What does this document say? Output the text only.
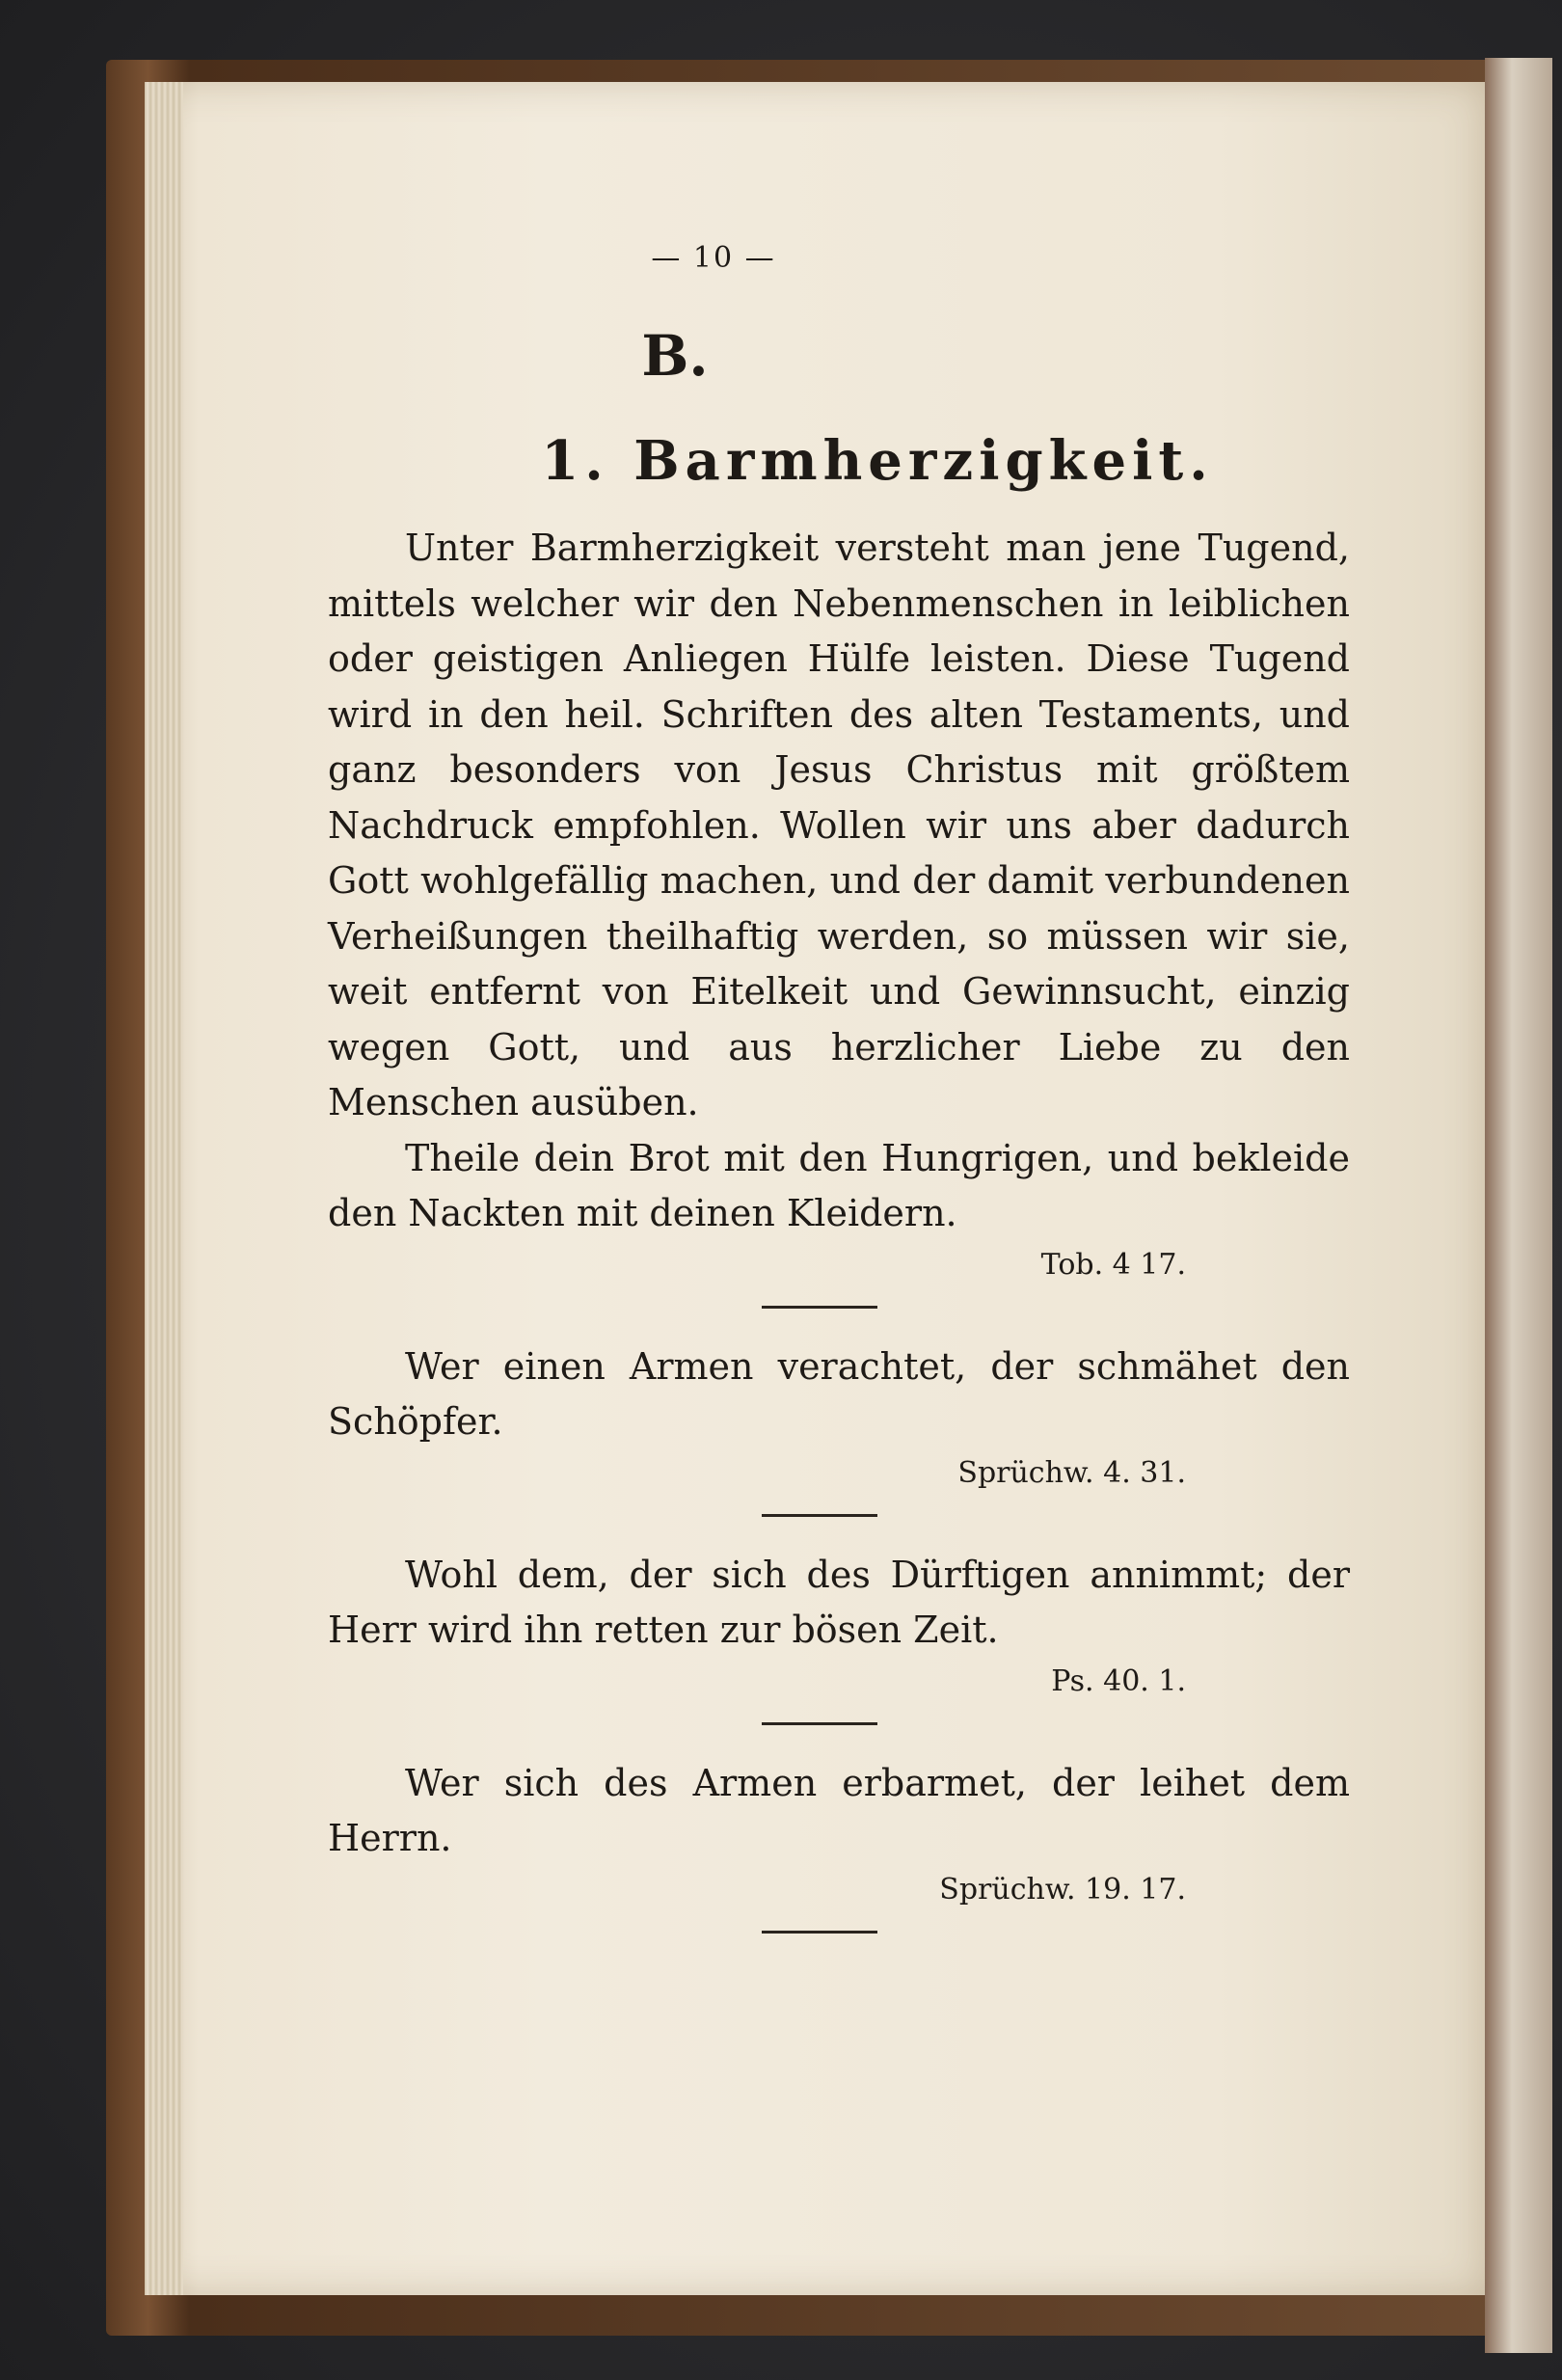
— 10 —
B.
1. Barmherzigkeit.

Unter Barmherzigkeit versteht man jene Tugend, mittels welcher wir den Nebenmenschen in leiblichen oder geistigen Anliegen Hülfe leisten. Diese Tugend wird in den heil. Schriften des alten Testaments, und ganz besonders von Jesus Christus mit größtem Nachdruck empfohlen. Wollen wir uns aber dadurch Gott wohlgefällig machen, und der damit verbundenen Verheißungen theilhaftig werden, so müssen wir sie, weit entfernt von Eitelkeit und Gewinnsucht, einzig wegen Gott, und aus herzlicher Liebe zu den Menschen ausüben.

Theile dein Brot mit den Hungrigen, und bekleide den Nackten mit deinen Kleidern.

Tob. 4 17.

Wer einen Armen verachtet, der schmähet den Schöpfer.

Sprüchw. 4. 31.

Wohl dem, der sich des Dürftigen annimmt; der Herr wird ihn retten zur bösen Zeit.

Ps. 40. 1.

Wer sich des Armen erbarmet, der leihet dem Herrn.

Sprüchw. 19. 17.
